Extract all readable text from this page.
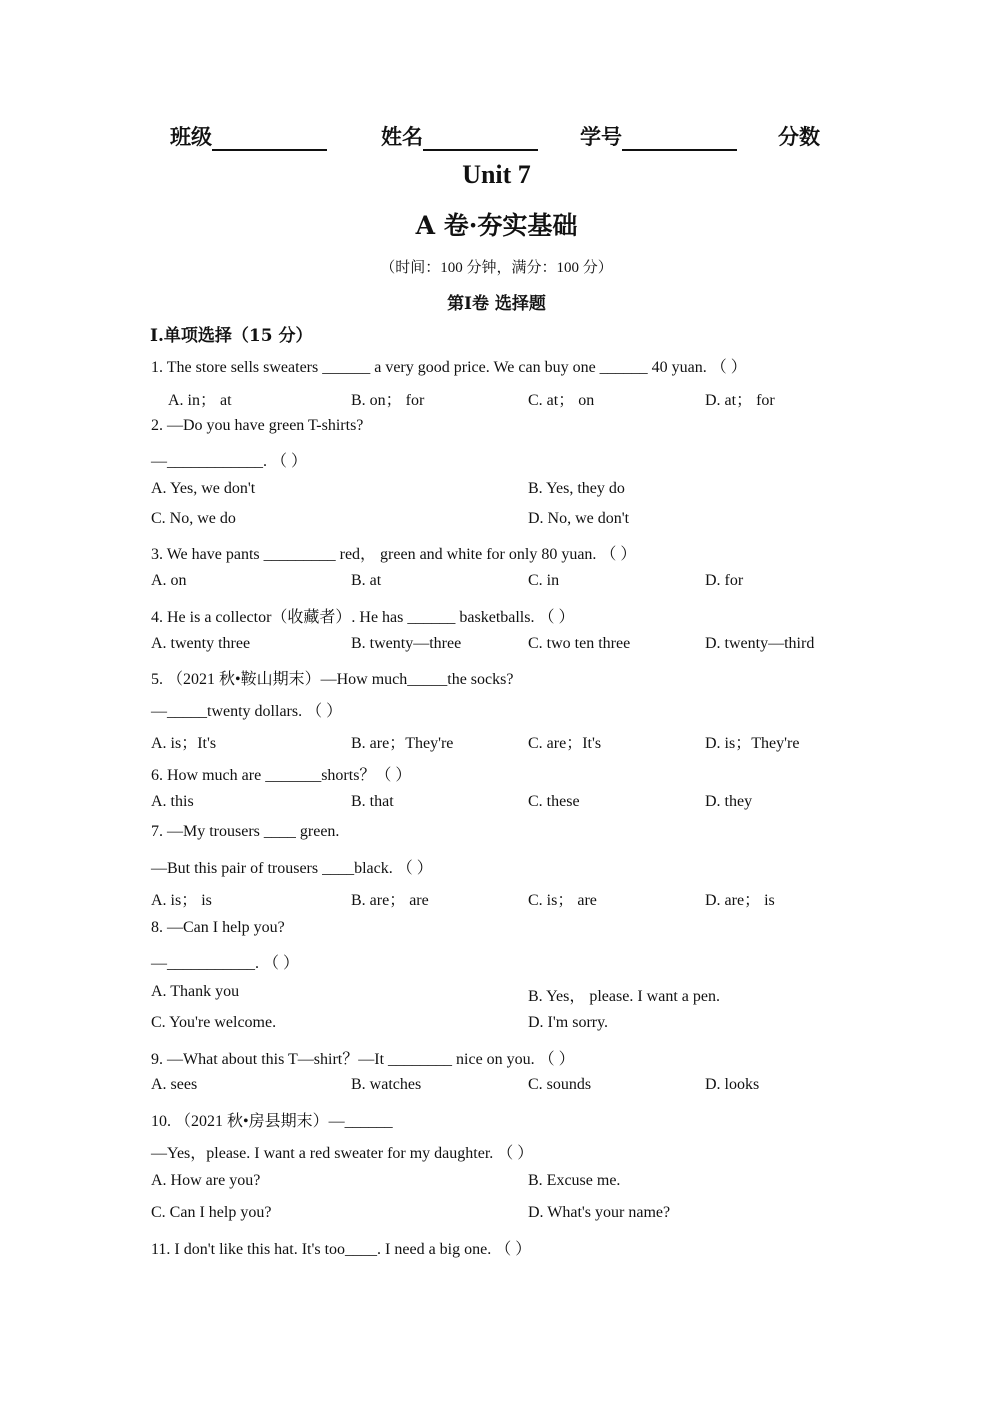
班级	姓名	学号	分数
Unit 7
A 卷·夯实基础
（时间：100 分钟，满分：100 分）
第Ⅰ卷 选择题
I.单项选择（15 分）
1. The store sells sweaters ______ a very good price. We can buy one ______ 40 yuan. （ ）
A. in； at	B. on； for	C. at； on	D. at； for
2. —Do you have green T-shirts?
—____________. （ ）
A. Yes, we don't	B. Yes, they do
C. No, we do	D. No, we don't
3. We have pants _________ red， green and white for only 80 yuan. （ ）
A. on	B. at	C. in	D. for
4. He is a collector（收藏者）. He has ______ basketballs. （ ）
A. twenty three	B. twenty—three	C. two ten three	D. twenty—third
5. （2021 秋•鞍山期末）—How much_____the socks?
—_____twenty dollars. （ ）
A. is；It's	B. are；They're	C. are；It's	D. is；They're
6. How much are _______shorts？（ ）
A. this	B. that	C. these	D. they
7. —My trousers ____ green.
—But this pair of trousers ____black. （ ）
A. is； is	B. are； are	C. is； are	D. are； is
8. —Can I help you?
—___________. （ ）
A. Thank you	B. Yes， please. I want a pen.
C. You're welcome.	D. I'm sorry.
9. —What about this T—shirt？—It ________ nice on you. （ ）
A. sees	B. watches	C. sounds	D. looks
10. （2021 秋•房县期末）—______
—Yes，please. I want a red sweater for my daughter. （ ）
A. How are you?	B. Excuse me.
C. Can I help you?	D. What's your name?
11. I don't like this hat. It's too____. I need a big one. （ ）
